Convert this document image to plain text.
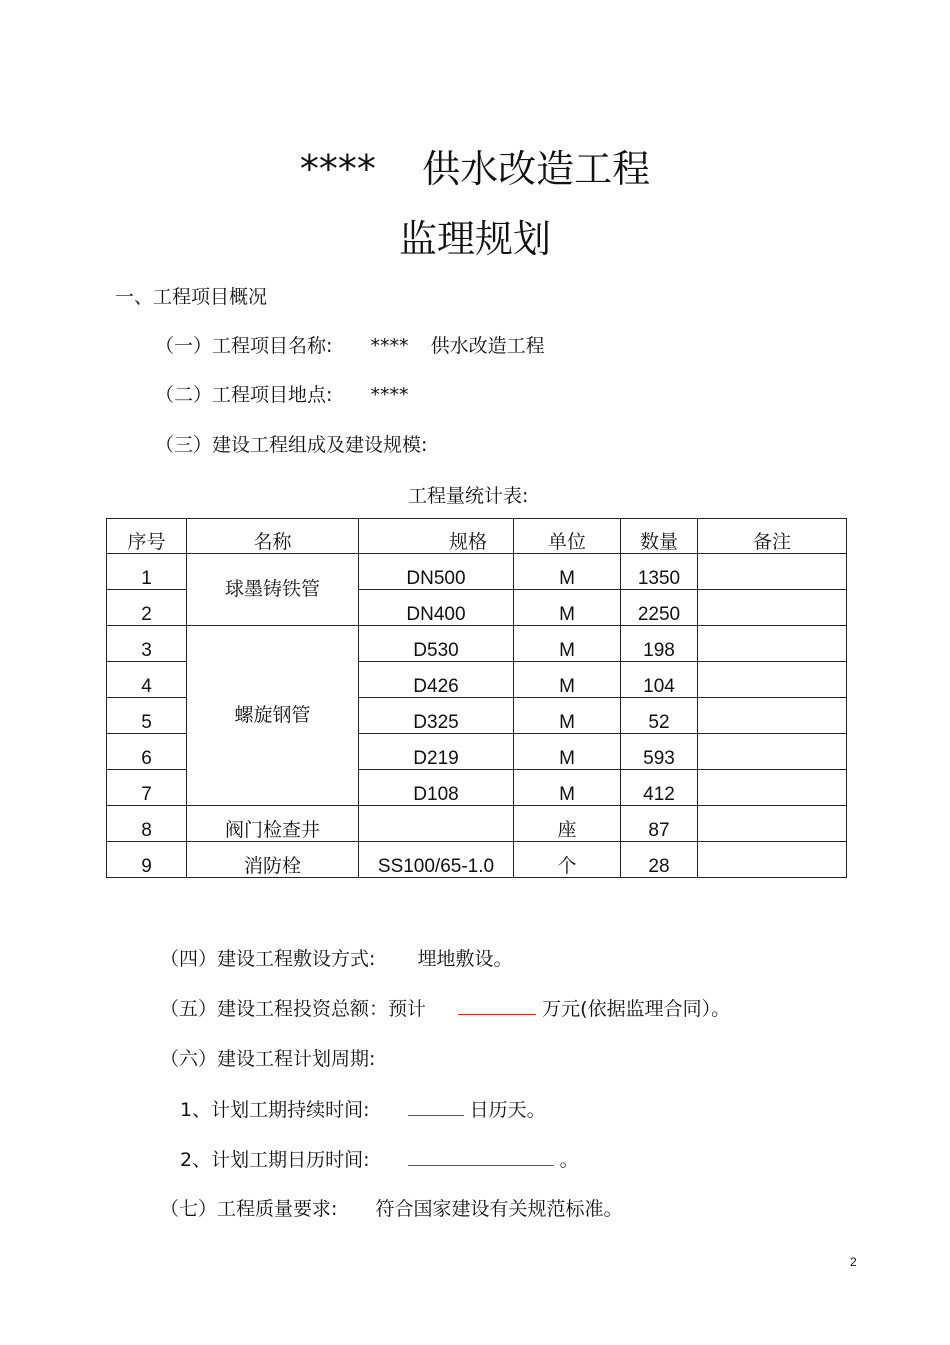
**** 供水改造工程
监理规划
一、工程项目概况
（一）工程项目名称: **** 供水改造工程
（二）工程项目地点: ****
（三）建设工程组成及建设规模:
工程量统计表:
序号	名称	规格	单位	数量	备注
1	球墨铸铁管	DN500	M	1350	
2		DN400	M	2250	
3	螺旋钢管	D530	M	198	
4		D426	M	104	
5		D325	M	52	
6		D219	M	593	
7		D108	M	412	
8	阀门检查井		座	87	
9	消防栓	SS100/65-1.0	个	28	
（四）建设工程敷设方式: 埋地敷设。
（五）建设工程投资总额：预计	万元(依据监理合同）。
（六）建设工程计划周期:
1、计划工期持续时间:	日历天。
2、计划工期日历时间:	。
（七）工程质量要求: 符合国家建设有关规范标准。
2
